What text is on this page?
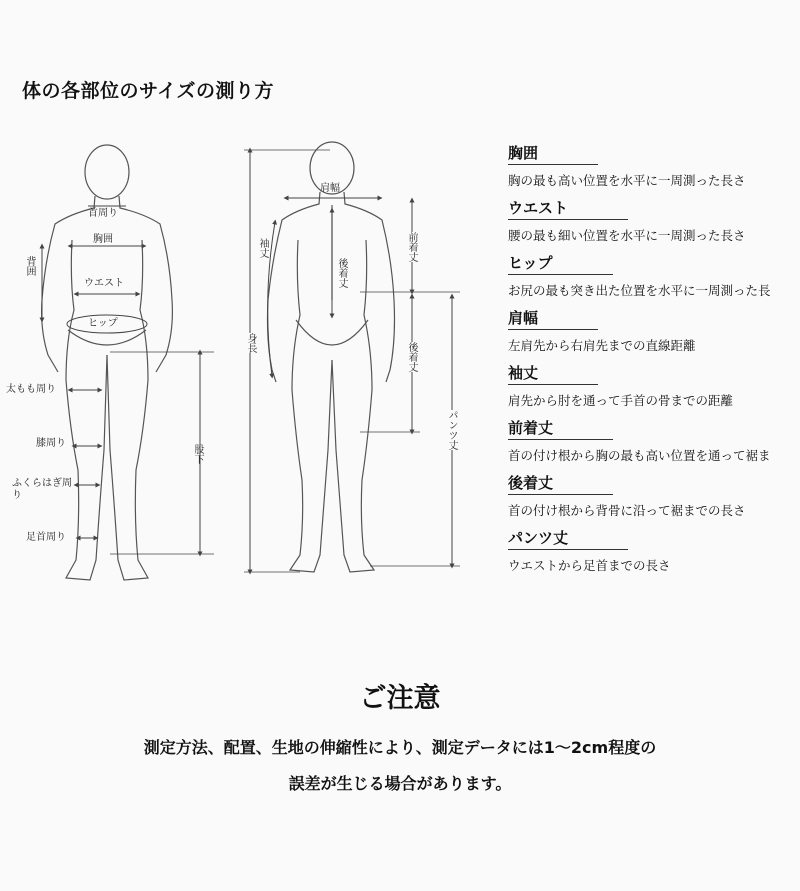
体の各部位のサイズの測り方
首周り
胸囲
ウエスト
ヒップ
背囲
太もも周り
膝周り
ふくらはぎ周り
足首周り
股下
肩幅
袖丈
身長
後着丈
前着丈
後着丈
パンツ丈
胸囲
胸の最も高い位置を水平に一周測った長さ
ウエスト
腰の最も細い位置を水平に一周測った長さ
ヒップ
お尻の最も突き出た位置を水平に一周測った長
肩幅
左肩先から右肩先までの直線距離
袖丈
肩先から肘を通って手首の骨までの距離
前着丈
首の付け根から胸の最も高い位置を通って裾ま
後着丈
首の付け根から背骨に沿って裾までの長さ
パンツ丈
ウエストから足首までの長さ
ご注意
測定方法、配置、生地の伸縮性により、測定データには1～2cm程度の
誤差が生じる場合があります。
